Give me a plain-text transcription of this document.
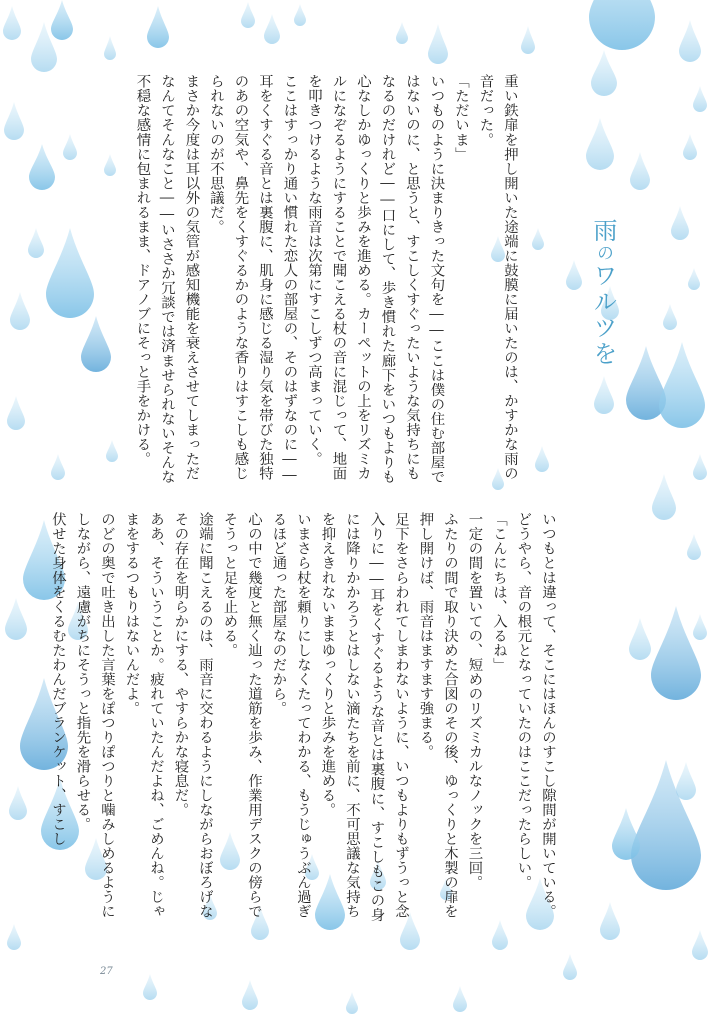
雨のワルツを

重い鉄扉を押し開いた途端に鼓膜に届いたのは、かすかな雨の音だった。

「ただいま」

いつものように決まりきった文句を――ここは僕の住む部屋ではないのに、と思うと、すこしくすぐったいような気持ちにもなるのだけれど――口にして、歩き慣れた廊下をいつもよりも心なしかゆっくりと歩みを進める。カーペットの上をリズミカルになぞるようにすることで聞こえる杖の音に混じって、地面を叩きつけるような雨音は次第にすこしずつ高まっていく。

ここはすっかり通い慣れた恋人の部屋の、そのはずなのに――耳をくすぐる音とは裏腹に、肌身に感じる湿り気を帯びた独特のあの空気や、鼻先をくすぐるかのような香りはすこしも感じられないのが不思議だ。

まさか今度は耳以外の気管が感知機能を衰えさせてしまっただなんてそんなこと――いささか冗談では済ませられないそんな不穏な感情に包まれるまま、ドアノブにそっと手をかける。

いつもとは違って、そこにはほんのすこし隙間が開いている。どうやら、音の根元となっていたのはここだったらしい。

「こんにちは、入るね」

一定の間を置いての、短めのリズミカルなノックを三回。

ふたりの間で取り決めた合図のその後、ゆっくりと木製の扉を押し開けば、雨音はますます強まる。

足下をさらわれてしまわないように、いつもよりもずうっと念入りに――耳をくすぐるような音とは裏腹に、すこしもこの身には降りかかろうとはしない滴たちを前に、不可思議な気持ちを抑えきれないままゆっくりと歩みを進める。

いまさら杖を頼りにしなくたってわかる、もうじゅうぶん過ぎるほど通った部屋なのだから。

心の中で幾度と無く辿った道筋を歩み、作業用デスクの傍らでそうっと足を止める。

途端に聞こえるのは、雨音に交わるようにしながらおぼろげなその存在を明らかにする、やすらかな寝息だ。

ああ、そういうことか。疲れていたんだよね、ごめんね。じゃまをするつもりはないんだよ。

のどの奥で吐き出した言葉をぽつりぽつりと噛みしめるようにしながら、遠慮がちにそうっと指先を滑らせる。

伏せた身体をくるむたわんだブランケット、すこし

27
